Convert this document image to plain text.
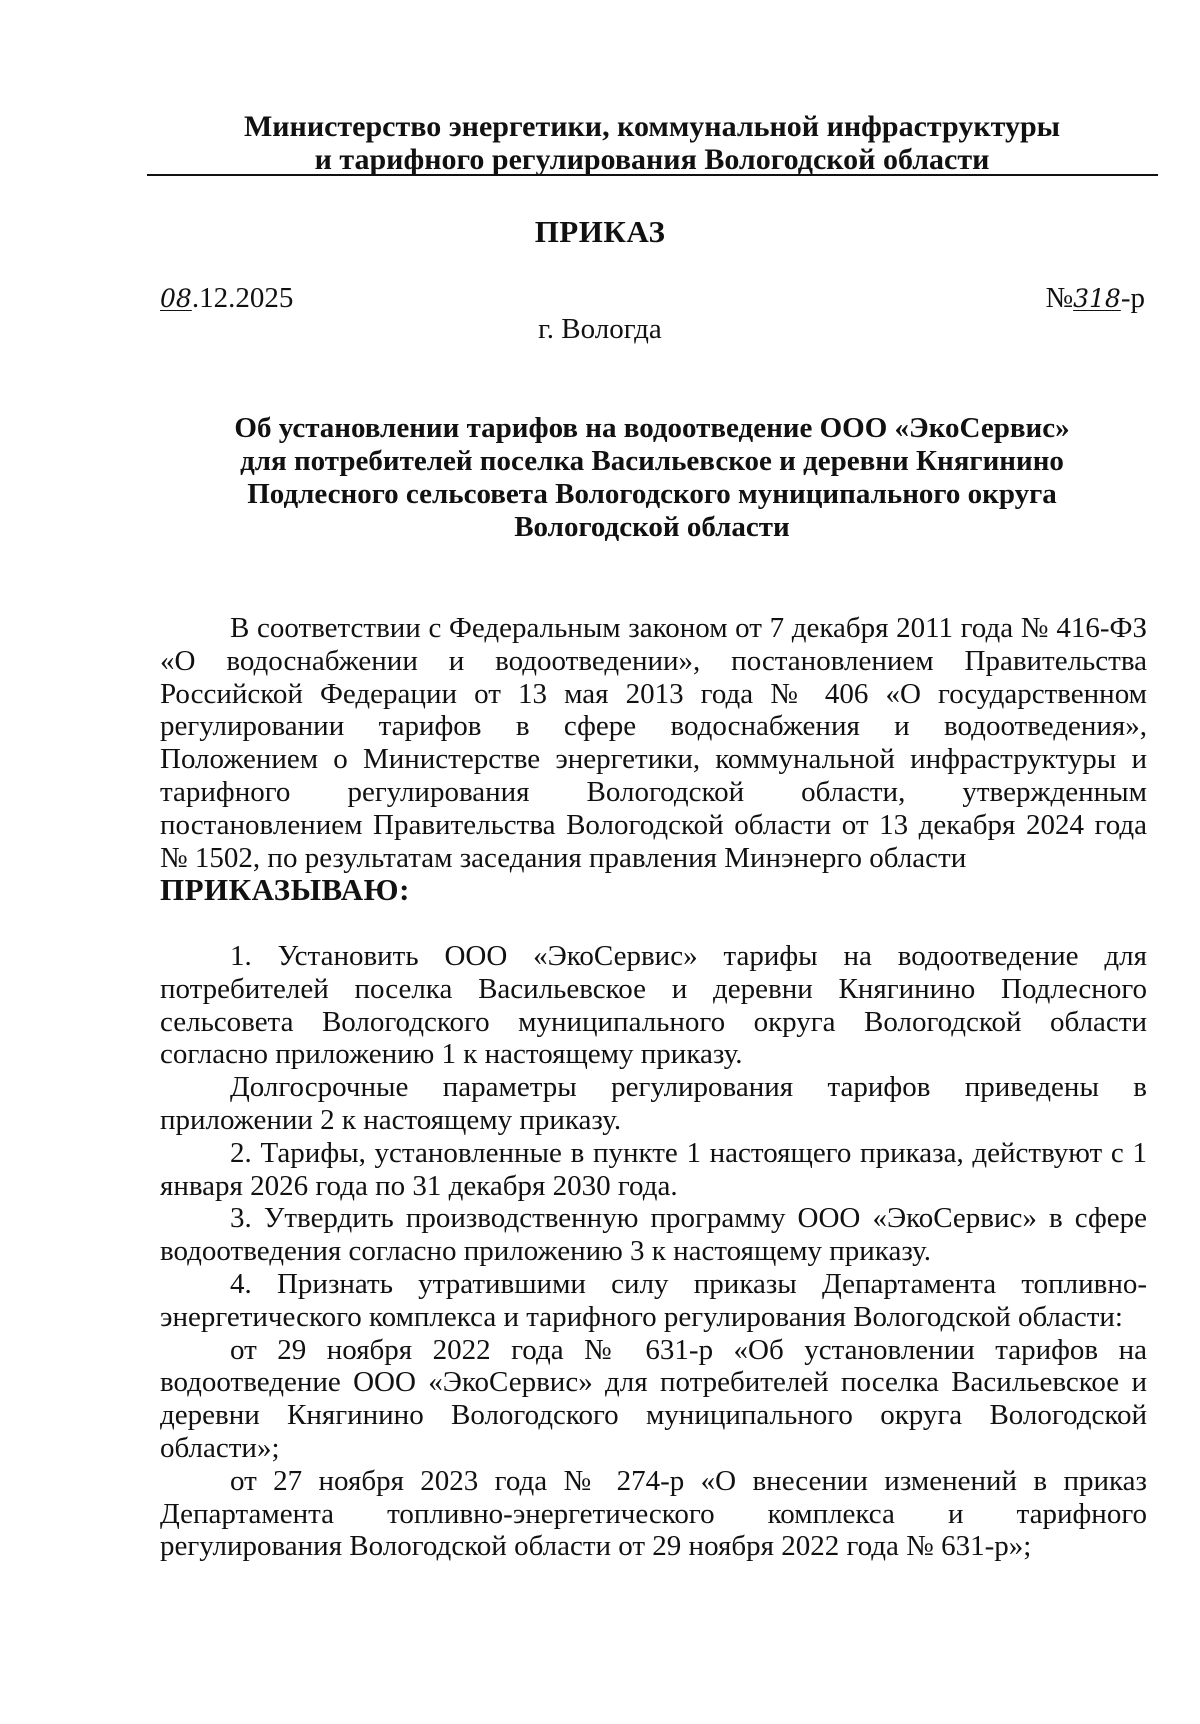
Министерство энергетики, коммунальной инфраструктуры
и тарифного регулирования Вологодской области
ПРИКАЗ
08.12.2025	№318-р
г. Вологда
Об установлении тарифов на водоотведение ООО «ЭкоСервис»
для потребителей поселка Васильевское и деревни Княгинино
Подлесного сельсовета Вологодского муниципального округа
Вологодской области

В соответствии с Федеральным законом от 7 декабря 2011 года № 416-ФЗ «О водоснабжении и водоотведении», постановлением Правительства Российской Федерации от 13 мая 2013 года № 406 «О государственном регулировании тарифов в сфере водоснабжения и водоотведения», Положением о Министерстве энергетики, коммунальной инфраструктуры и тарифного регулирования Вологодской области, утвержденным постановлением Правительства Вологодской области от 13 декабря 2024 года № 1502, по результатам заседания правления Минэнерго области

ПРИКАЗЫВАЮ:

1. Установить ООО «ЭкоСервис» тарифы на водоотведение для потребителей поселка Васильевское и деревни Княгинино Подлесного сельсовета Вологодского муниципального округа Вологодской области согласно приложению 1 к настоящему приказу.

Долгосрочные параметры регулирования тарифов приведены в приложении 2 к настоящему приказу.

2. Тарифы, установленные в пункте 1 настоящего приказа, действуют с 1 января 2026 года по 31 декабря 2030 года.

3. Утвердить производственную программу ООО «ЭкоСервис» в сфере водоотведения согласно приложению 3 к настоящему приказу.

4. Признать утратившими силу приказы Департамента топливно-энергетического комплекса и тарифного регулирования Вологодской области:

от 29 ноября 2022 года № 631-р «Об установлении тарифов на водоотведение ООО «ЭкоСервис» для потребителей поселка Васильевское и деревни Княгинино Вологодского муниципального округа Вологодской области»;

от 27 ноября 2023 года № 274-р «О внесении изменений в приказ Департамента топливно-энергетического комплекса и тарифного регулирования Вологодской области от 29 ноября 2022 года № 631-р»;
